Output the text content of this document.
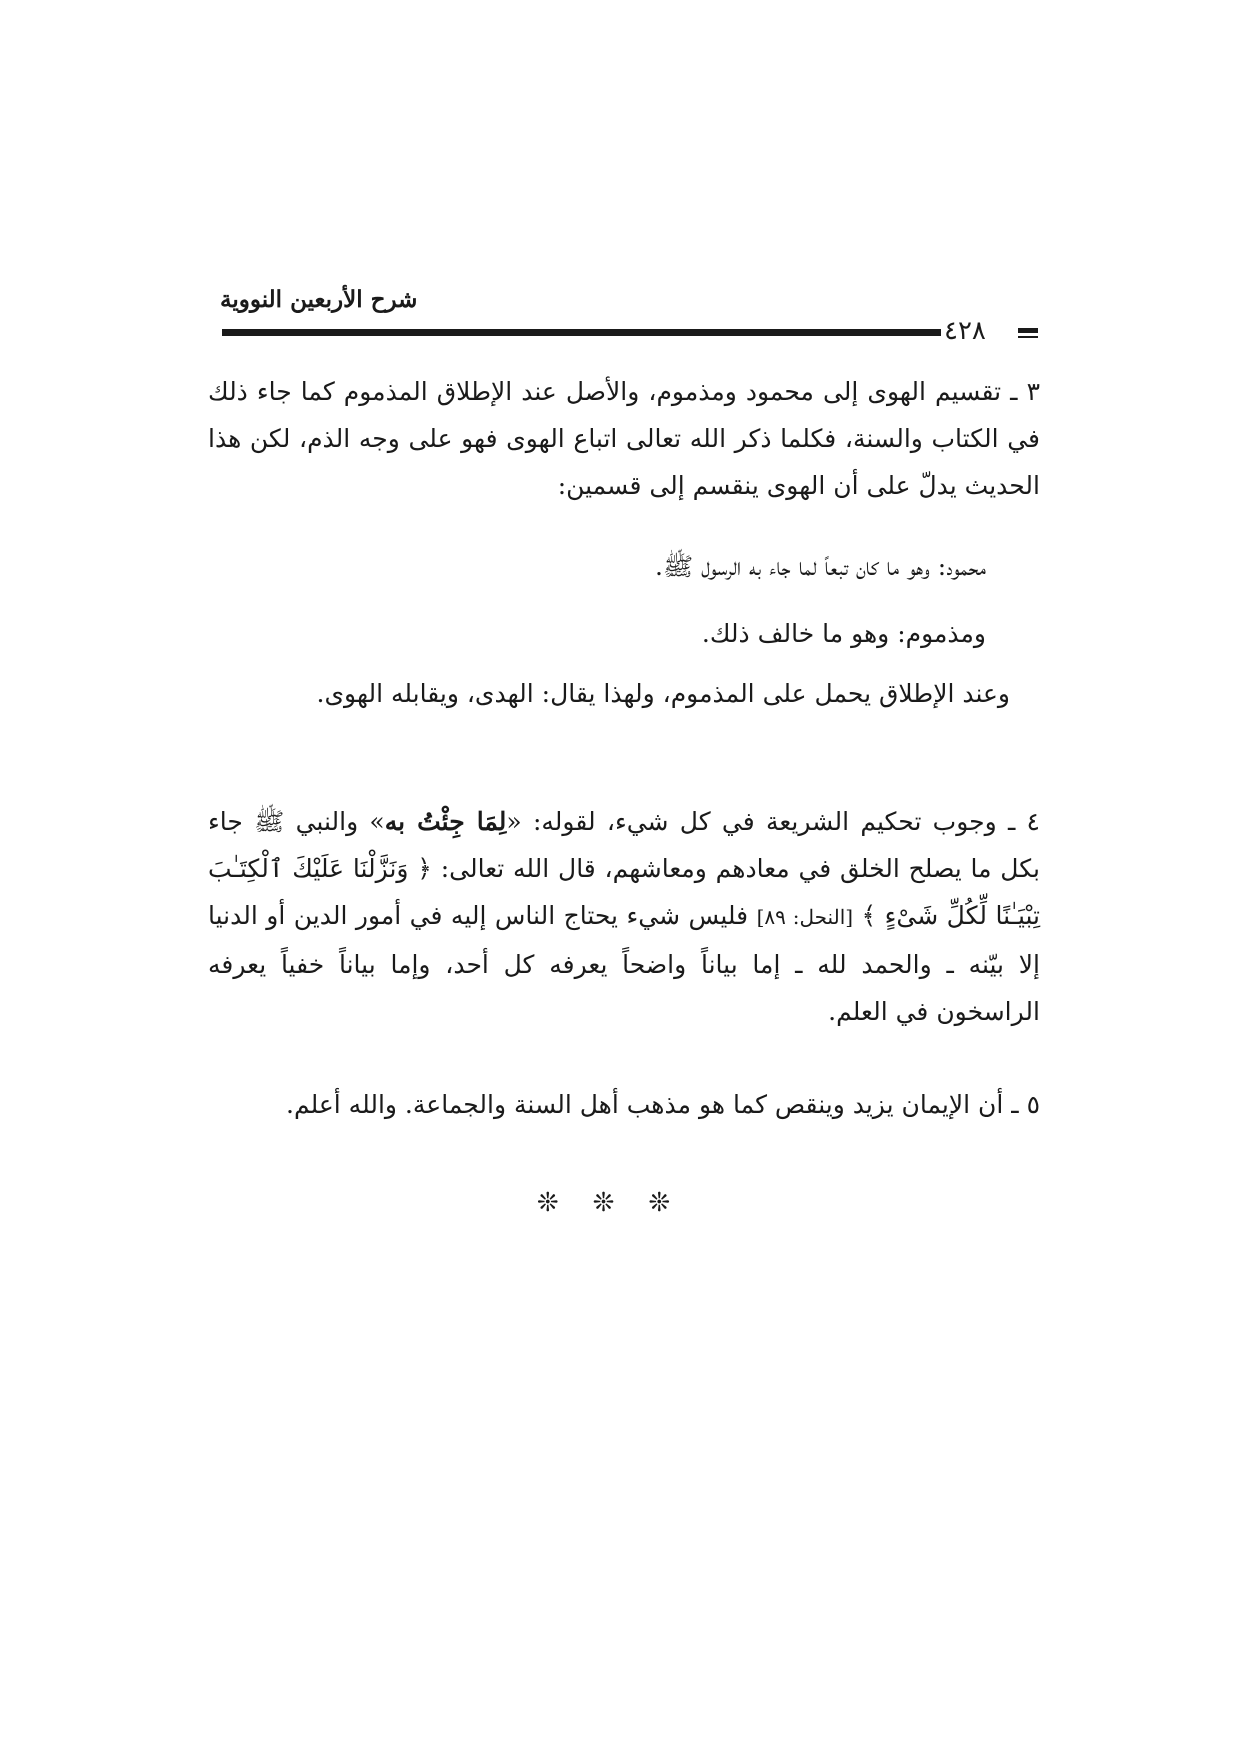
شرح الأربعين النووية
٤٢٨
٣ ـ تقسيم الهوى إلى محمود ومذموم، والأصل عند الإطلاق المذموم كما جاء ذلك في الكتاب والسنة، فكلما ذكر الله تعالى اتباع الهوى فهو على وجه الذم، لكن هذا الحديث يدلّ على أن الهوى ينقسم إلى قسمين:
محمود: وهو ما كان تبعاً لما جاء به الرسول ﷺ.
ومذموم: وهو ما خالف ذلك.
وعند الإطلاق يحمل على المذموم، ولهذا يقال: الهدى، ويقابله الهوى.
٤ ـ وجوب تحكيم الشريعة في كل شيء، لقوله: «لِمَا جِئْتُ به» والنبي ﷺ جاء بكل ما يصلح الخلق في معادهم ومعاشهم، قال الله تعالى: ﴿ وَنَزَّلْنَا عَلَيْكَ ٱلْكِتَـٰبَ تِبْيَـٰنًا لِّكُلِّ شَىْءٍ ﴾ [النحل: ٨٩] فليس شيء يحتاج الناس إليه في أمور الدين أو الدنيا إلا بيّنه ـ والحمد لله ـ إما بياناً واضحاً يعرفه كل أحد، وإما بياناً خفياً يعرفه الراسخون في العلم.
٥ ـ أن الإيمان يزيد وينقص كما هو مذهب أهل السنة والجماعة. والله أعلم.
❊❊❊
